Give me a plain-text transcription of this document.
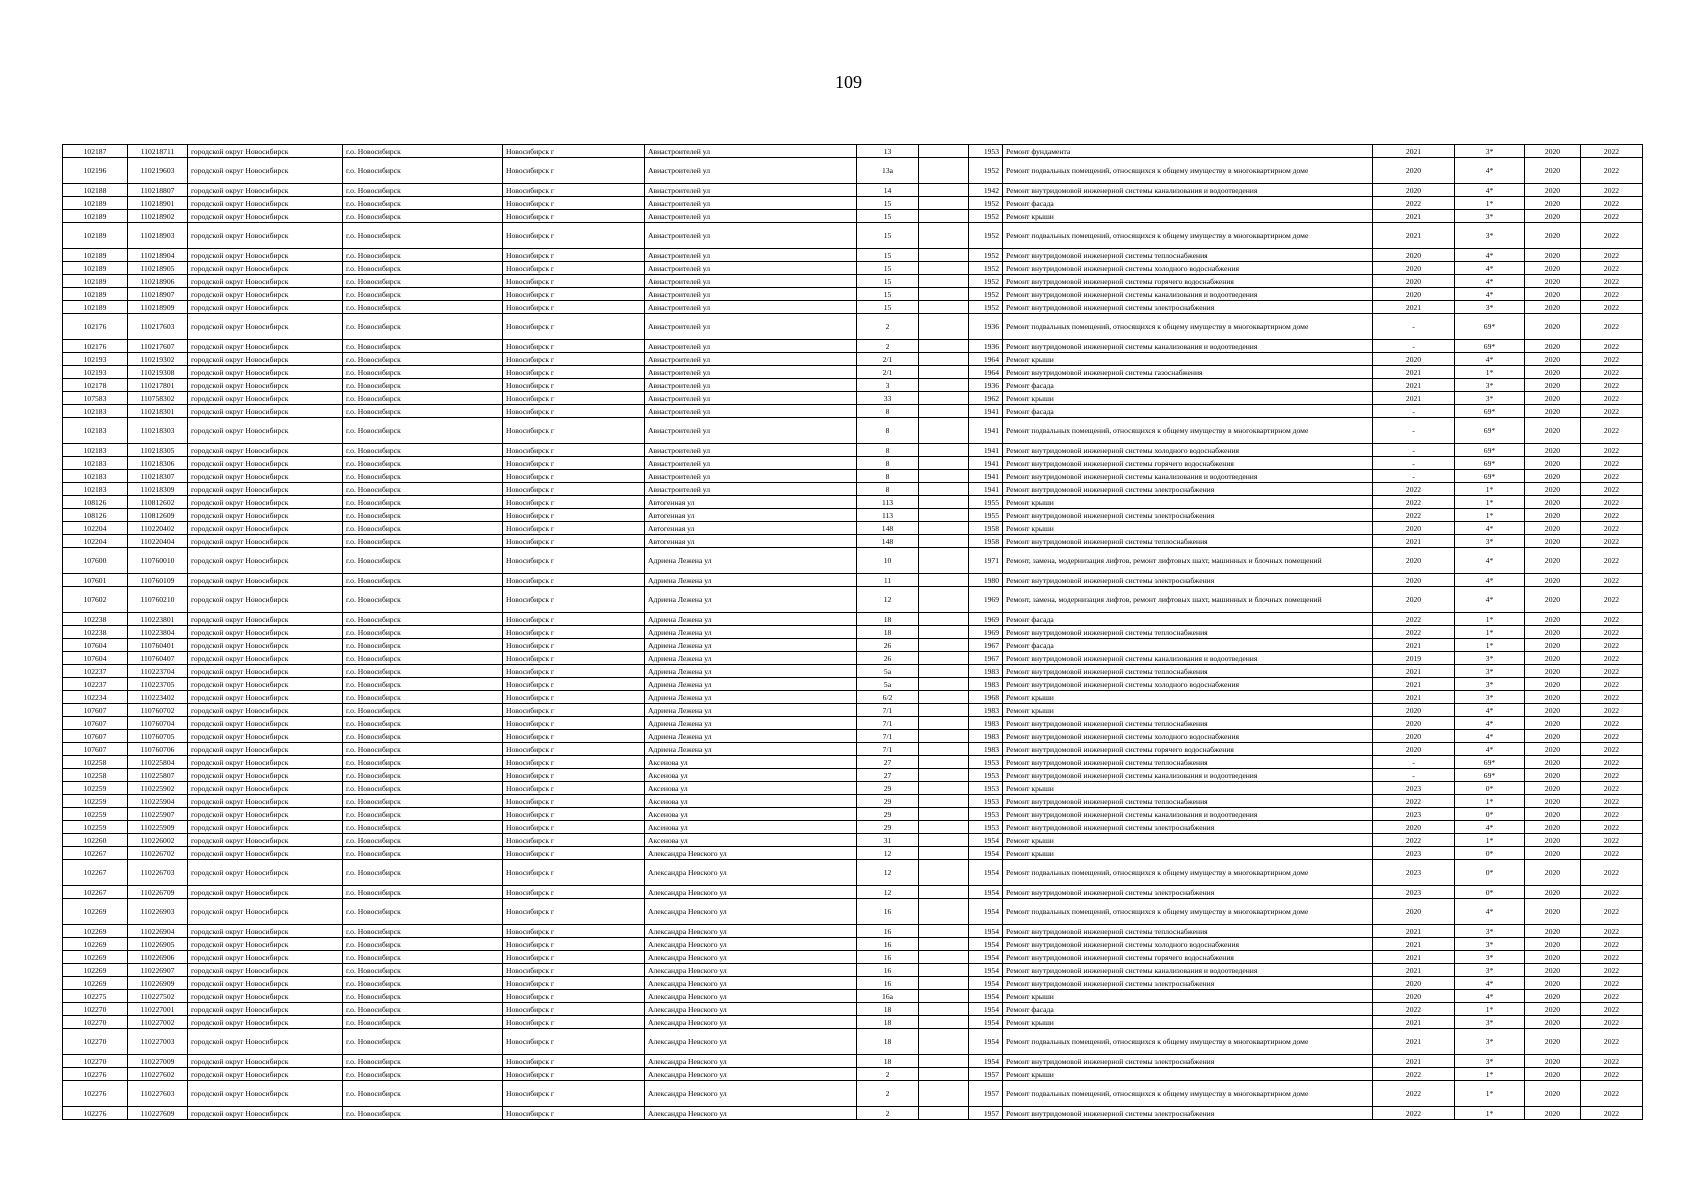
109
102187	110218711	городской округ Новосибирск	г.о. Новосибирск	Новосибирск г	Авиастроителей ул	13		1953	Ремонт фундамента	2021	3*	2020	2022
102196	110219603	городской округ Новосибирск	г.о. Новосибирск	Новосибирск г	Авиастроителей ул	13а		1952	Ремонт подвальных помещений, относящихся к общему имуществу в многоквартирном доме	2020	4*	2020	2022
102188	110218807	городской округ Новосибирск	г.о. Новосибирск	Новосибирск г	Авиастроителей ул	14		1942	Ремонт внутридомовой инженерной системы канализования и водоотведения	2020	4*	2020	2022
102189	110218901	городской округ Новосибирск	г.о. Новосибирск	Новосибирск г	Авиастроителей ул	15		1952	Ремонт фасада	2022	1*	2020	2022
102189	110218902	городской округ Новосибирск	г.о. Новосибирск	Новосибирск г	Авиастроителей ул	15		1952	Ремонт крыши	2021	3*	2020	2022
102189	110218903	городской округ Новосибирск	г.о. Новосибирск	Новосибирск г	Авиастроителей ул	15		1952	Ремонт подвальных помещений, относящихся к общему имуществу в многоквартирном доме	2021	3*	2020	2022
102189	110218904	городской округ Новосибирск	г.о. Новосибирск	Новосибирск г	Авиастроителей ул	15		1952	Ремонт внутридомовой инженерной системы теплоснабжения	2020	4*	2020	2022
102189	110218905	городской округ Новосибирск	г.о. Новосибирск	Новосибирск г	Авиастроителей ул	15		1952	Ремонт внутридомовой инженерной системы холодного водоснабжения	2020	4*	2020	2022
102189	110218906	городской округ Новосибирск	г.о. Новосибирск	Новосибирск г	Авиастроителей ул	15		1952	Ремонт внутридомовой инженерной системы горячего водоснабжения	2020	4*	2020	2022
102189	110218907	городской округ Новосибирск	г.о. Новосибирск	Новосибирск г	Авиастроителей ул	15		1952	Ремонт внутридомовой инженерной системы канализования и водоотведения	2020	4*	2020	2022
102189	110218909	городской округ Новосибирск	г.о. Новосибирск	Новосибирск г	Авиастроителей ул	15		1952	Ремонт внутридомовой инженерной системы электроснабжения	2021	3*	2020	2022
102176	110217603	городской округ Новосибирск	г.о. Новосибирск	Новосибирск г	Авиастроителей ул	2		1936	Ремонт подвальных помещений, относящихся к общему имуществу в многоквартирном доме	-	69*	2020	2022
102176	110217607	городской округ Новосибирск	г.о. Новосибирск	Новосибирск г	Авиастроителей ул	2		1936	Ремонт внутридомовой инженерной системы канализования и водоотведения	-	69*	2020	2022
102193	110219302	городской округ Новосибирск	г.о. Новосибирск	Новосибирск г	Авиастроителей ул	2/1		1964	Ремонт крыши	2020	4*	2020	2022
102193	110219308	городской округ Новосибирск	г.о. Новосибирск	Новосибирск г	Авиастроителей ул	2/1		1964	Ремонт внутридомовой инженерной системы газоснабжения	2021	1*	2020	2022
102178	110217801	городской округ Новосибирск	г.о. Новосибирск	Новосибирск г	Авиастроителей ул	3		1936	Ремонт фасада	2021	3*	2020	2022
107583	110758302	городской округ Новосибирск	г.о. Новосибирск	Новосибирск г	Авиастроителей ул	33		1962	Ремонт крыши	2021	3*	2020	2022
102183	110218301	городской округ Новосибирск	г.о. Новосибирск	Новосибирск г	Авиастроителей ул	8		1941	Ремонт фасада	-	69*	2020	2022
102183	110218303	городской округ Новосибирск	г.о. Новосибирск	Новосибирск г	Авиастроителей ул	8		1941	Ремонт подвальных помещений, относящихся к общему имуществу в многоквартирном доме	-	69*	2020	2022
102183	110218305	городской округ Новосибирск	г.о. Новосибирск	Новосибирск г	Авиастроителей ул	8		1941	Ремонт внутридомовой инженерной системы холодного водоснабжения	-	69*	2020	2022
102183	110218306	городской округ Новосибирск	г.о. Новосибирск	Новосибирск г	Авиастроителей ул	8		1941	Ремонт внутридомовой инженерной системы горячего водоснабжения	-	69*	2020	2022
102183	110218307	городской округ Новосибирск	г.о. Новосибирск	Новосибирск г	Авиастроителей ул	8		1941	Ремонт внутридомовой инженерной системы канализования и водоотведения	-	69*	2020	2022
102183	110218309	городской округ Новосибирск	г.о. Новосибирск	Новосибирск г	Авиастроителей ул	8		1941	Ремонт внутридомовой инженерной системы электроснабжения	2022	1*	2020	2022
108126	110812602	городской округ Новосибирск	г.о. Новосибирск	Новосибирск г	Автогенная ул	113		1955	Ремонт крыши	2022	1*	2020	2022
108126	110812609	городской округ Новосибирск	г.о. Новосибирск	Новосибирск г	Автогенная ул	113		1955	Ремонт внутридомовой инженерной системы электроснабжения	2022	1*	2020	2022
102204	110220402	городской округ Новосибирск	г.о. Новосибирск	Новосибирск г	Автогенная ул	148		1958	Ремонт крыши	2020	4*	2020	2022
102204	110220404	городской округ Новосибирск	г.о. Новосибирск	Новосибирск г	Автогенная ул	148		1958	Ремонт внутридомовой инженерной системы теплоснабжения	2021	3*	2020	2022
107600	110760010	городской округ Новосибирск	г.о. Новосибирск	Новосибирск г	Адриена Лежена ул	10		1971	Ремонт, замена, модернизация лифтов, ремонт лифтовых шахт, машинных и блочных помещений	2020	4*	2020	2022
107601	110760109	городской округ Новосибирск	г.о. Новосибирск	Новосибирск г	Адриена Лежена ул	11		1980	Ремонт внутридомовой инженерной системы электроснабжения	2020	4*	2020	2022
107602	110760210	городской округ Новосибирск	г.о. Новосибирск	Новосибирск г	Адриена Лежена ул	12		1969	Ремонт, замена, модернизация лифтов, ремонт лифтовых шахт, машинных и блочных помещений	2020	4*	2020	2022
102238	110223801	городской округ Новосибирск	г.о. Новосибирск	Новосибирск г	Адриена Лежена ул	18		1969	Ремонт фасада	2022	1*	2020	2022
102238	110223804	городской округ Новосибирск	г.о. Новосибирск	Новосибирск г	Адриена Лежена ул	18		1969	Ремонт внутридомовой инженерной системы теплоснабжения	2022	1*	2020	2022
107604	110760401	городской округ Новосибирск	г.о. Новосибирск	Новосибирск г	Адриена Лежена ул	26		1967	Ремонт фасада	2021	1*	2020	2022
107604	110760407	городской округ Новосибирск	г.о. Новосибирск	Новосибирск г	Адриена Лежена ул	26		1967	Ремонт внутридомовой инженерной системы канализования и водоотведения	2019	3*	2020	2022
102237	110223704	городской округ Новосибирск	г.о. Новосибирск	Новосибирск г	Адриена Лежена ул	5а		1983	Ремонт внутридомовой инженерной системы теплоснабжения	2021	3*	2020	2022
102237	110223705	городской округ Новосибирск	г.о. Новосибирск	Новосибирск г	Адриена Лежена ул	5а		1983	Ремонт внутридомовой инженерной системы холодного водоснабжения	2021	3*	2020	2022
102234	110223402	городской округ Новосибирск	г.о. Новосибирск	Новосибирск г	Адриена Лежена ул	6/2		1968	Ремонт крыши	2021	3*	2020	2022
107607	110760702	городской округ Новосибирск	г.о. Новосибирск	Новосибирск г	Адриена Лежена ул	7/1		1983	Ремонт крыши	2020	4*	2020	2022
107607	110760704	городской округ Новосибирск	г.о. Новосибирск	Новосибирск г	Адриена Лежена ул	7/1		1983	Ремонт внутридомовой инженерной системы теплоснабжения	2020	4*	2020	2022
107607	110760705	городской округ Новосибирск	г.о. Новосибирск	Новосибирск г	Адриена Лежена ул	7/1		1983	Ремонт внутридомовой инженерной системы холодного водоснабжения	2020	4*	2020	2022
107607	110760706	городской округ Новосибирск	г.о. Новосибирск	Новосибирск г	Адриена Лежена ул	7/1		1983	Ремонт внутридомовой инженерной системы горячего водоснабжения	2020	4*	2020	2022
102258	110225804	городской округ Новосибирск	г.о. Новосибирск	Новосибирск г	Аксенова ул	27		1953	Ремонт внутридомовой инженерной системы теплоснабжения	-	69*	2020	2022
102258	110225807	городской округ Новосибирск	г.о. Новосибирск	Новосибирск г	Аксенова ул	27		1953	Ремонт внутридомовой инженерной системы канализования и водоотведения	-	69*	2020	2022
102259	110225902	городской округ Новосибирск	г.о. Новосибирск	Новосибирск г	Аксенова ул	29		1953	Ремонт крыши	2023	0*	2020	2022
102259	110225904	городской округ Новосибирск	г.о. Новосибирск	Новосибирск г	Аксенова ул	29		1953	Ремонт внутридомовой инженерной системы теплоснабжения	2022	1*	2020	2022
102259	110225907	городской округ Новосибирск	г.о. Новосибирск	Новосибирск г	Аксенова ул	29		1953	Ремонт внутридомовой инженерной системы канализования и водоотведения	2023	0*	2020	2022
102259	110225909	городской округ Новосибирск	г.о. Новосибирск	Новосибирск г	Аксенова ул	29		1953	Ремонт внутридомовой инженерной системы электроснабжения	2020	4*	2020	2022
102260	110226002	городской округ Новосибирск	г.о. Новосибирск	Новосибирск г	Аксенова ул	31		1954	Ремонт крыши	2022	1*	2020	2022
102267	110226702	городской округ Новосибирск	г.о. Новосибирск	Новосибирск г	Александра Невского ул	12		1954	Ремонт крыши	2023	0*	2020	2022
102267	110226703	городской округ Новосибирск	г.о. Новосибирск	Новосибирск г	Александра Невского ул	12		1954	Ремонт подвальных помещений, относящихся к общему имуществу в многоквартирном доме	2023	0*	2020	2022
102267	110226709	городской округ Новосибирск	г.о. Новосибирск	Новосибирск г	Александра Невского ул	12		1954	Ремонт внутридомовой инженерной системы электроснабжения	2023	0*	2020	2022
102269	110226903	городской округ Новосибирск	г.о. Новосибирск	Новосибирск г	Александра Невского ул	16		1954	Ремонт подвальных помещений, относящихся к общему имуществу в многоквартирном доме	2020	4*	2020	2022
102269	110226904	городской округ Новосибирск	г.о. Новосибирск	Новосибирск г	Александра Невского ул	16		1954	Ремонт внутридомовой инженерной системы теплоснабжения	2021	3*	2020	2022
102269	110226905	городской округ Новосибирск	г.о. Новосибирск	Новосибирск г	Александра Невского ул	16		1954	Ремонт внутридомовой инженерной системы холодного водоснабжения	2021	3*	2020	2022
102269	110226906	городской округ Новосибирск	г.о. Новосибирск	Новосибирск г	Александра Невского ул	16		1954	Ремонт внутридомовой инженерной системы горячего водоснабжения	2021	3*	2020	2022
102269	110226907	городской округ Новосибирск	г.о. Новосибирск	Новосибирск г	Александра Невского ул	16		1954	Ремонт внутридомовой инженерной системы канализования и водоотведения	2021	3*	2020	2022
102269	110226909	городской округ Новосибирск	г.о. Новосибирск	Новосибирск г	Александра Невского ул	16		1954	Ремонт внутридомовой инженерной системы электроснабжения	2020	4*	2020	2022
102275	110227502	городской округ Новосибирск	г.о. Новосибирск	Новосибирск г	Александра Невского ул	16а		1954	Ремонт крыши	2020	4*	2020	2022
102270	110227001	городской округ Новосибирск	г.о. Новосибирск	Новосибирск г	Александра Невского ул	18		1954	Ремонт фасада	2022	1*	2020	2022
102270	110227002	городской округ Новосибирск	г.о. Новосибирск	Новосибирск г	Александра Невского ул	18		1954	Ремонт крыши	2021	3*	2020	2022
102270	110227003	городской округ Новосибирск	г.о. Новосибирск	Новосибирск г	Александра Невского ул	18		1954	Ремонт подвальных помещений, относящихся к общему имуществу в многоквартирном доме	2021	3*	2020	2022
102270	110227009	городской округ Новосибирск	г.о. Новосибирск	Новосибирск г	Александра Невского ул	18		1954	Ремонт внутридомовой инженерной системы электроснабжения	2021	3*	2020	2022
102276	110227602	городской округ Новосибирск	г.о. Новосибирск	Новосибирск г	Александра Невского ул	2		1957	Ремонт крыши	2022	1*	2020	2022
102276	110227603	городской округ Новосибирск	г.о. Новосибирск	Новосибирск г	Александра Невского ул	2		1957	Ремонт подвальных помещений, относящихся к общему имуществу в многоквартирном доме	2022	1*	2020	2022
102276	110227609	городской округ Новосибирск	г.о. Новосибирск	Новосибирск г	Александра Невского ул	2		1957	Ремонт внутридомовой инженерной системы электроснабжения	2022	1*	2020	2022
